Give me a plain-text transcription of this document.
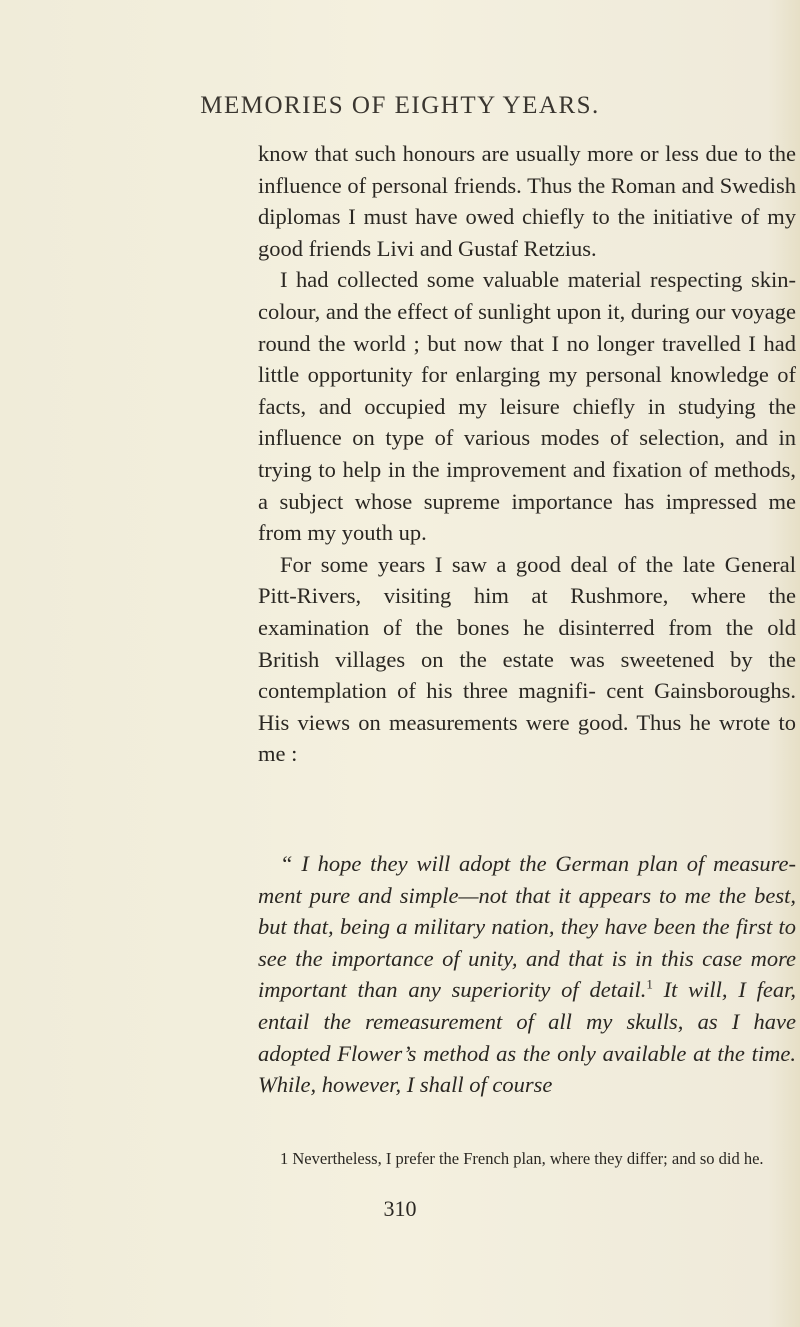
MEMORIES OF EIGHTY YEARS.

know that such honours are usually more or less due to the influence of personal friends. Thus the Roman and Swedish diplomas I must have owed chiefly to the initiative of my good friends Livi and Gustaf Retzius.

I had collected some valuable material respecting skin-colour, and the effect of sunlight upon it, during our voyage round the world ; but now that I no longer travelled I had little opportunity for enlarging my personal knowledge of facts, and occupied my leisure chiefly in studying the influence on type of various modes of selection, and in trying to help in the improvement and fixation of methods, a subject whose supreme importance has impressed me from my youth up.

For some years I saw a good deal of the late General Pitt-Rivers, visiting him at Rushmore, where the examination of the bones he disinterred from the old British villages on the estate was sweetened by the contemplation of his three magnifi- cent Gainsboroughs. His views on measurements were good. Thus he wrote to me :

“ I hope they will adopt the German plan of measure- ment pure and simple—not that it appears to me the best, but that, being a military nation, they have been the first to see the importance of unity, and that is in this case more important than any superiority of detail.$^1$ It will, I fear, entail the remeasurement of all my skulls, as I have adopted Flower’s method as the only available at the time. While, however, I shall of course

1 Nevertheless, I prefer the French plan, where they differ; and so did he.

310
